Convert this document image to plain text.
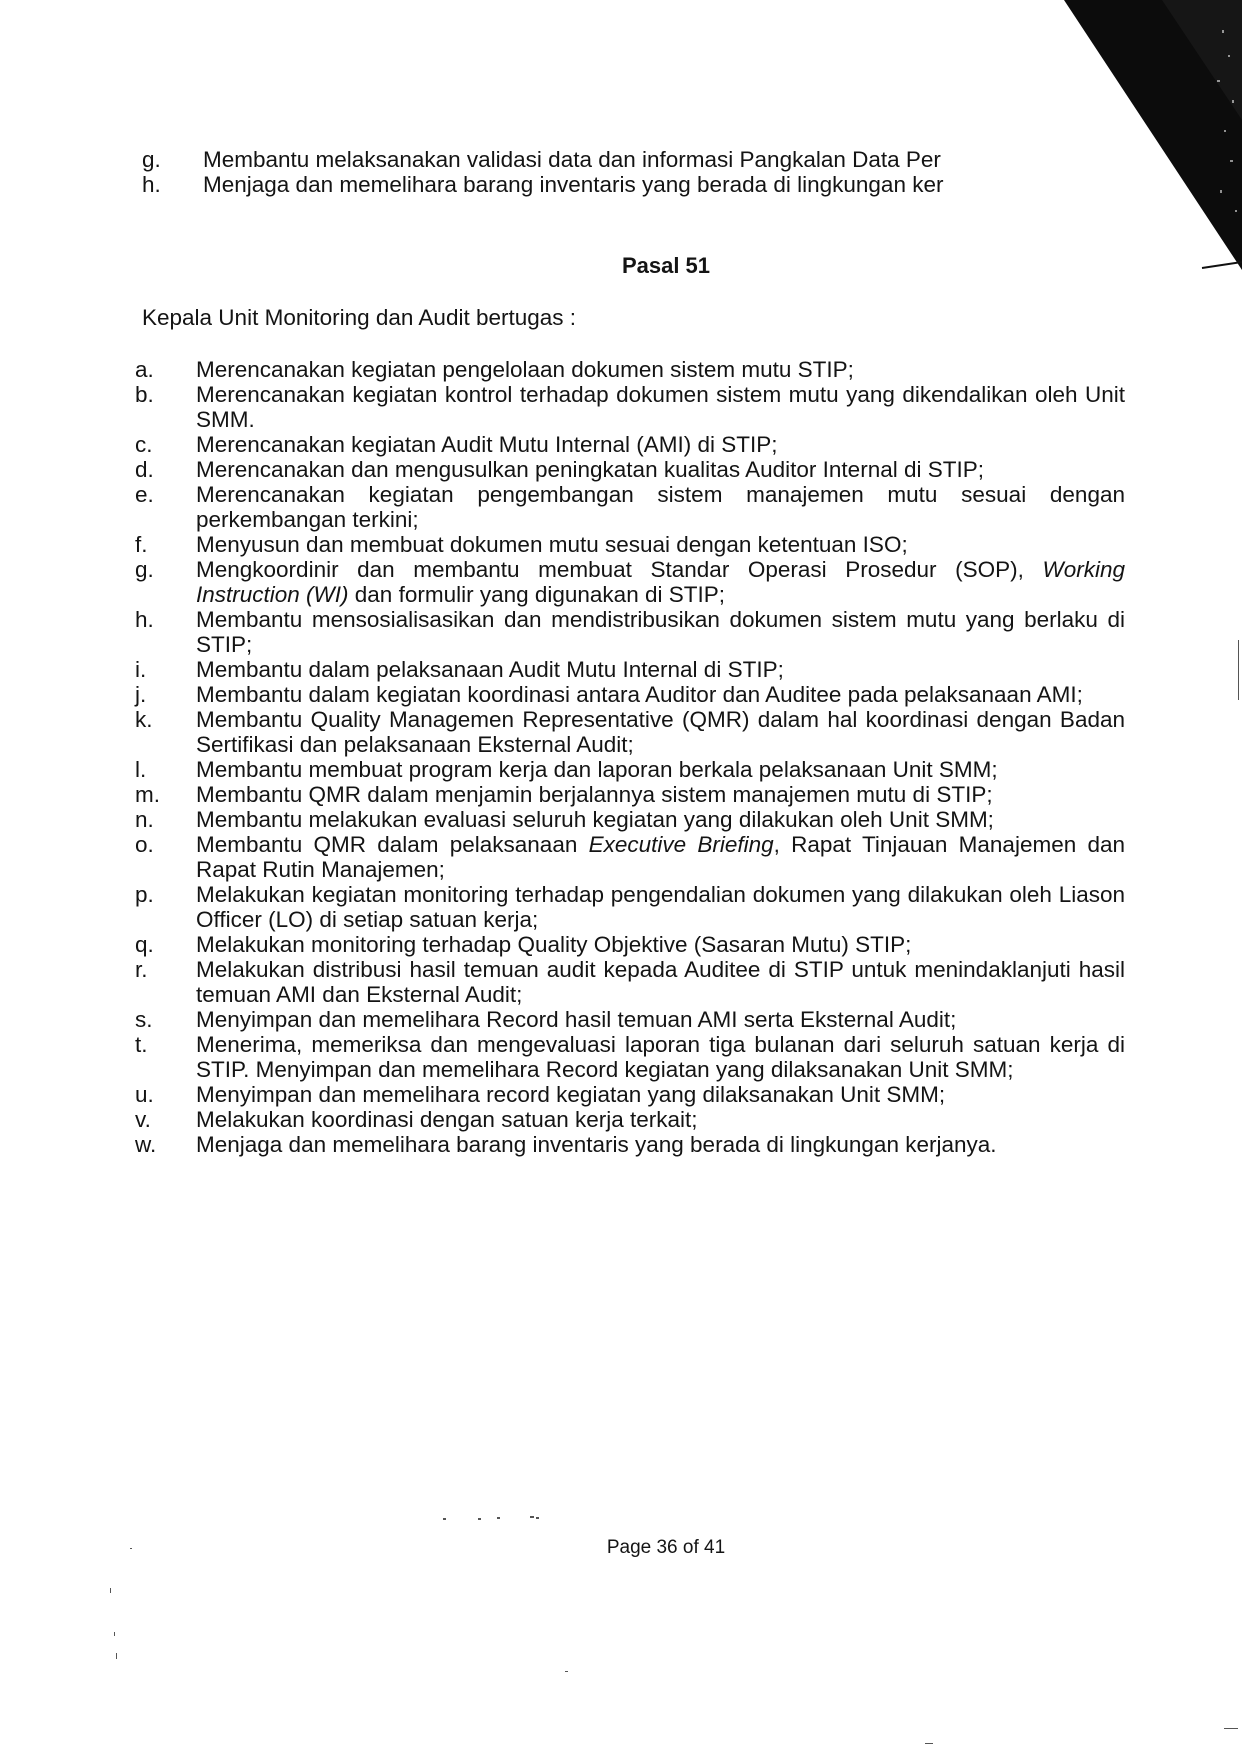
g. Membantu melaksanakan validasi data dan informasi Pangkalan Data Per
h. Menjaga dan memelihara barang inventaris yang berada di lingkungan ker
Pasal 51
Kepala Unit Monitoring dan Audit bertugas :
a. Merencanakan kegiatan pengelolaan dokumen sistem mutu STIP;
b. Merencanakan kegiatan kontrol terhadap dokumen sistem mutu yang dikendalikan oleh Unit SMM.
c. Merencanakan kegiatan Audit Mutu Internal (AMI) di STIP;
d. Merencanakan dan mengusulkan peningkatan kualitas Auditor Internal di STIP;
e. Merencanakan kegiatan pengembangan sistem manajemen mutu sesuai dengan perkembangan terkini;
f. Menyusun dan membuat dokumen mutu sesuai dengan ketentuan ISO;
g. Mengkoordinir dan membantu membuat Standar Operasi Prosedur (SOP), Working Instruction (WI) dan formulir yang digunakan di STIP;
h. Membantu mensosialisasikan dan mendistribusikan dokumen sistem mutu yang berlaku di STIP;
i. Membantu dalam pelaksanaan Audit Mutu Internal di STIP;
j. Membantu dalam kegiatan koordinasi antara Auditor dan Auditee pada pelaksanaan AMI;
k. Membantu Quality Managemen Representative (QMR) dalam hal koordinasi dengan Badan Sertifikasi dan pelaksanaan Eksternal Audit;
l. Membantu membuat program kerja dan laporan berkala pelaksanaan Unit SMM;
m. Membantu QMR dalam menjamin berjalannya sistem manajemen mutu di STIP;
n. Membantu melakukan evaluasi seluruh kegiatan yang dilakukan oleh Unit SMM;
o. Membantu QMR dalam pelaksanaan Executive Briefing, Rapat Tinjauan Manajemen dan Rapat Rutin Manajemen;
p. Melakukan kegiatan monitoring terhadap pengendalian dokumen yang dilakukan oleh Liason Officer (LO) di setiap satuan kerja;
q. Melakukan monitoring terhadap Quality Objektive (Sasaran Mutu) STIP;
r. Melakukan distribusi hasil temuan audit kepada Auditee di STIP untuk menindaklanjuti hasil temuan AMI dan Eksternal Audit;
s. Menyimpan dan memelihara Record hasil temuan AMI serta Eksternal Audit;
t. Menerima, memeriksa dan mengevaluasi laporan tiga bulanan dari seluruh satuan kerja di STIP. Menyimpan dan memelihara Record kegiatan yang dilaksanakan Unit SMM;
u. Menyimpan dan memelihara record kegiatan yang dilaksanakan Unit SMM;
v. Melakukan koordinasi dengan satuan kerja terkait;
w. Menjaga dan memelihara barang inventaris yang berada di lingkungan kerjanya.
Page 36 of 41
